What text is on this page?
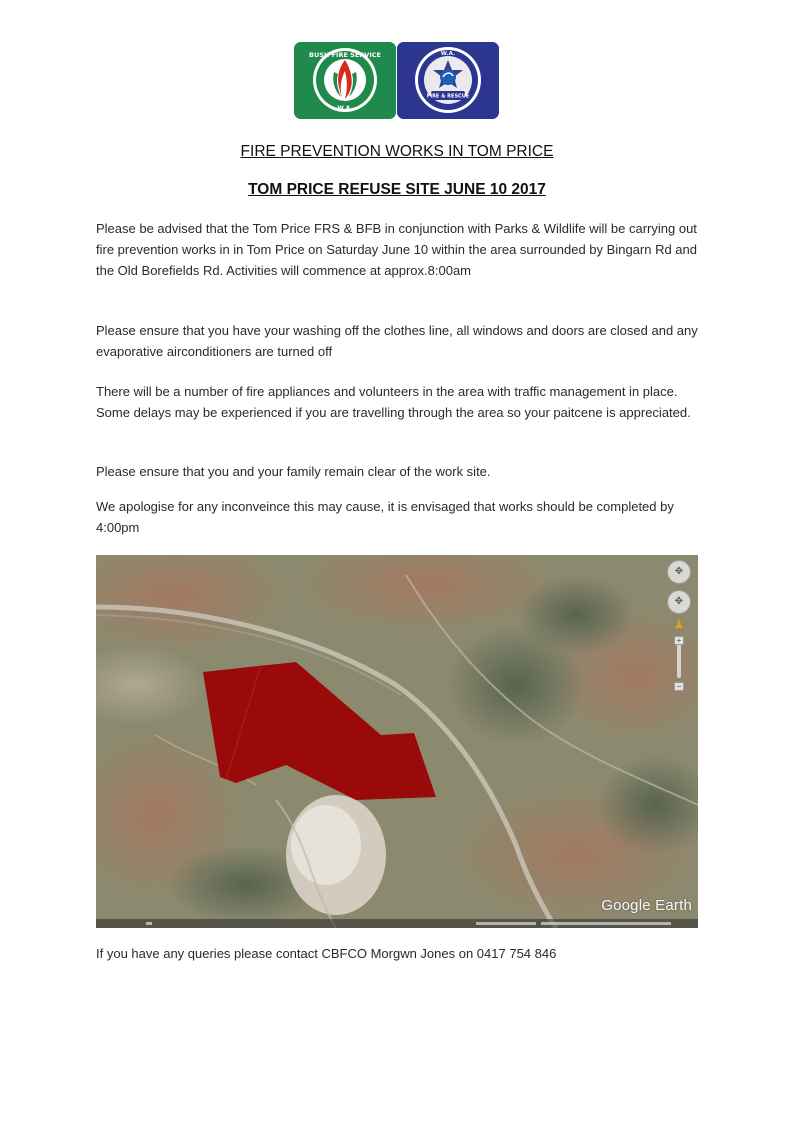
BUSH FIRE SERVICE
W.A.
FIRE & RESCUE
W.A.
FIRE PREVENTION WORKS IN TOM PRICE
TOM PRICE REFUSE SITE JUNE 10 2017

Please be advised that the Tom Price FRS & BFB in conjunction with Parks & Wildlife will be carrying out fire prevention works in in Tom Price on Saturday June 10 within the area surrounded by Bingarn Rd and the Old Borefields Rd. Activities will commence at approx.8:00am

Please ensure that you have your washing off the clothes line, all windows and doors are closed and any evaporative airconditioners are turned off

There will be a number of fire appliances and volunteers in the area with traffic management in place. Some delays may be experienced if you are travelling through the area so your paitcene is appreciated.

Please ensure that you and your family remain clear of the work site.

We apologise for any inconveince this may cause, it is envisaged that works should be completed by 4:00pm

✥
✥
♟
+
−
Google Earth

If you have any queries please contact CBFCO Morgwn Jones on 0417 754 846
